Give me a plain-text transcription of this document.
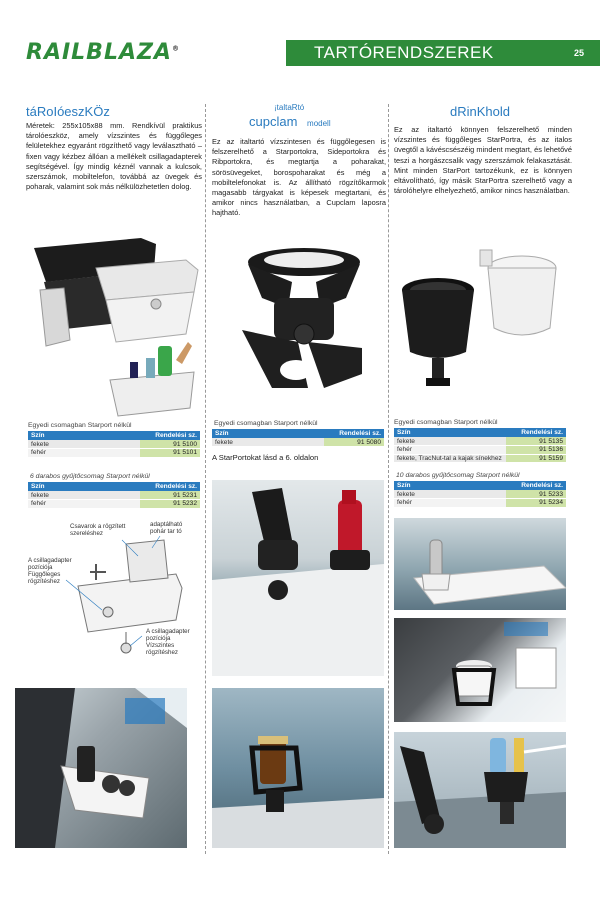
RAILBLAZA®	TARTÓRENDSZEREK	25
táRoIóeszKÖz
Méretek: 255x105x88 mm. Rendkívül praktikus tárolóeszköz, amely vízszintes és függőleges felületekhez egyaránt rögzíthető vagy leválasztható – fixen vagy kézbez állóan a mellékelt csillagadapterek segítségével. Így mindig kéznél vannak a kulcsok, szerszámok, mobiltelefon, továbbá az üvegek és poharak, valamint sok más nélkülözhetetlen dolog.
Egyedi csomagban Starport nélkül
Szín	Rendelési sz.
fekete	91 5100
fehér	91 5101
6 darabos gyűjtőcsomag Starport nélkül
Szín	Rendelési sz.
fekete	91 5231
fehér	91 5232
Csavarok a rögzített szereléshez
adaptálható pohár tar tó
A csillagadapter pozíciója Függőleges rögzítéshez
A csillagadapter pozíciója Vízszintes rögzítéshez
¡taltaRtó
cupclam modell
Ez az italtartó vízszintesen és függőlegesen is felszerelhető a Starportokra, Sideportokra és Ribportokra, és megtartja a poharakat, sörösüvegeket, borospoharakat és még a mobiltelefonokat is. Az állítható rögzítőkarmok magasabb tárgyakat is képesek megtartani, és amikor nincs használatban, a Cupclam laposra hajtható.
Egyedi csomagban Starport nélkül
Szín	Rendelési sz.
fekete	91 5080
A StarPortokat lásd a 6. oldalon
dRinKhold
Ez az italtartó könnyen felszerelhető minden vízszintes és függőleges StarPortra, és az italos üvegtől a kávéscsészéig mindent megtart, és lehetővé teszi a horgászcsalik vagy szerszámok felakasztását. Mint minden StarPort tartozékunk, ez is könnyen eltávolítható, így másik StarPortra szerelhető vagy a tárolóhelyre elhelyezhető, amikor nincs használatban.
Egyedi csomagban Starport nélkül
Szín	Rendelési sz.
fekete	91 5135
fehér	91 5136
fekete, TracNut-tal a kajak sínekhez	91 5159
10 darabos gyűjtőcsomag Starport nélkül
Szín	Rendelési sz.
fekete	91 5233
fehér	91 5234
